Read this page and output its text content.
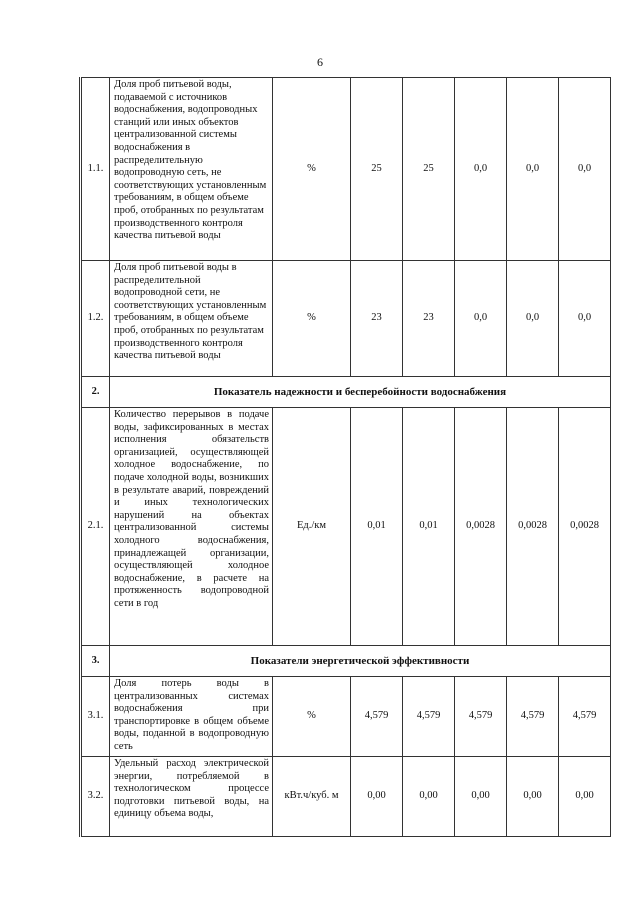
6
1.1.	Доля проб питьевой воды, подаваемой с источников водоснабжения, водопроводных станций или иных объектов централизованной системы водоснабжения в распределительную водопроводную сеть, не соответствующих установленным требованиям, в общем объеме проб, отобранных по результатам производственного контроля качества питьевой воды	%	25	25	0,0	0,0	0,0
1.2.	Доля проб питьевой воды в распределительной водопроводной сети, не соответствующих установленным требованиям, в общем объеме проб, отобранных по результатам производственного контроля качества питьевой воды	%	23	23	0,0	0,0	0,0
2.	Показатель надежности и бесперебойности водоснабжения						
2.1.	Количество перерывов в подаче воды, зафиксированных в местах исполнения обязательств организацией, осуществляющей холодное водоснабжение, по подаче холодной воды, возникших в результате аварий, повреждений и иных технологических нарушений на объектах централизованной системы холодного водоснабжения, принадлежащей организации, осуществляющей холодное водоснабжение, в расчете на протяженность водопроводной сети в год	Ед./км	0,01	0,01	0,0028	0,0028	0,0028
3.	Показатели энергетической эффективности						
3.1.	Доля потерь воды в централизованных системах водоснабжения при транспортировке в общем объеме воды, поданной в водопроводную сеть	%	4,579	4,579	4,579	4,579	4,579
3.2.	Удельный расход электрической энергии, потребляемой в технологическом процессе подготовки питьевой воды, на единицу объема воды,	кВт.ч/куб. м	0,00	0,00	0,00	0,00	0,00
